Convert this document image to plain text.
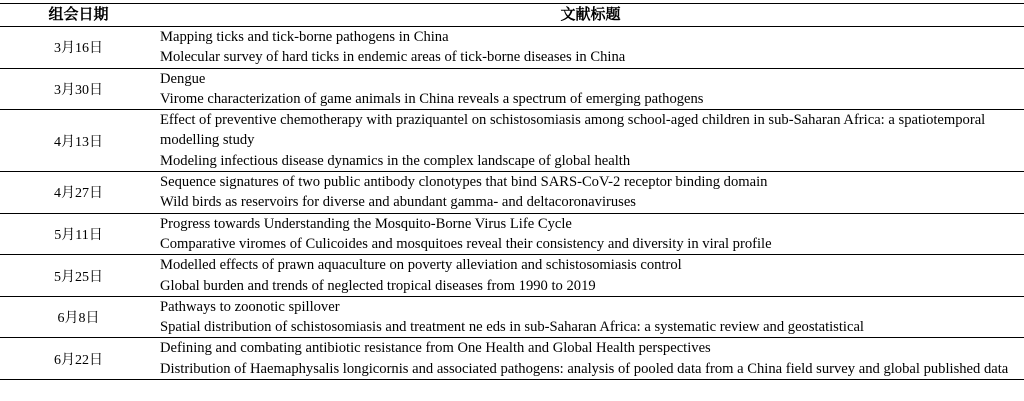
组会日期	文献标题
3月16日	Mapping ticks and tick-borne pathogens in China
Molecular survey of hard ticks in endemic areas of tick-borne diseases in China

3月30日	Dengue
Virome characterization of game animals in China reveals a spectrum of emerging pathogens

4月13日	Effect of preventive chemotherapy with praziquantel on schistosomiasis among school-aged children in sub-Saharan Africa: a spatiotemporal modelling study
Modeling infectious disease dynamics in the complex landscape of global health

4月27日	Sequence signatures of two public antibody clonotypes that bind SARS-CoV-2 receptor binding domain
Wild birds as reservoirs for diverse and abundant gamma- and deltacoronaviruses

5月11日	Progress towards Understanding the Mosquito-Borne Virus Life Cycle
Comparative viromes of Culicoides and mosquitoes reveal their consistency and diversity in viral profile

5月25日	Modelled effects of prawn aquaculture on poverty alleviation and schistosomiasis control
Global burden and trends of neglected tropical diseases from 1990 to 2019

6月8日	Pathways to zoonotic spillover
Spatial distribution of schistosomiasis and treatment ne eds in sub-Saharan Africa: a systematic review and geostatistical

6月22日	Defining and combating antibiotic resistance from One Health and Global Health perspectives
Distribution of Haemaphysalis longicornis and associated pathogens: analysis of pooled data from a China field survey and global published data
